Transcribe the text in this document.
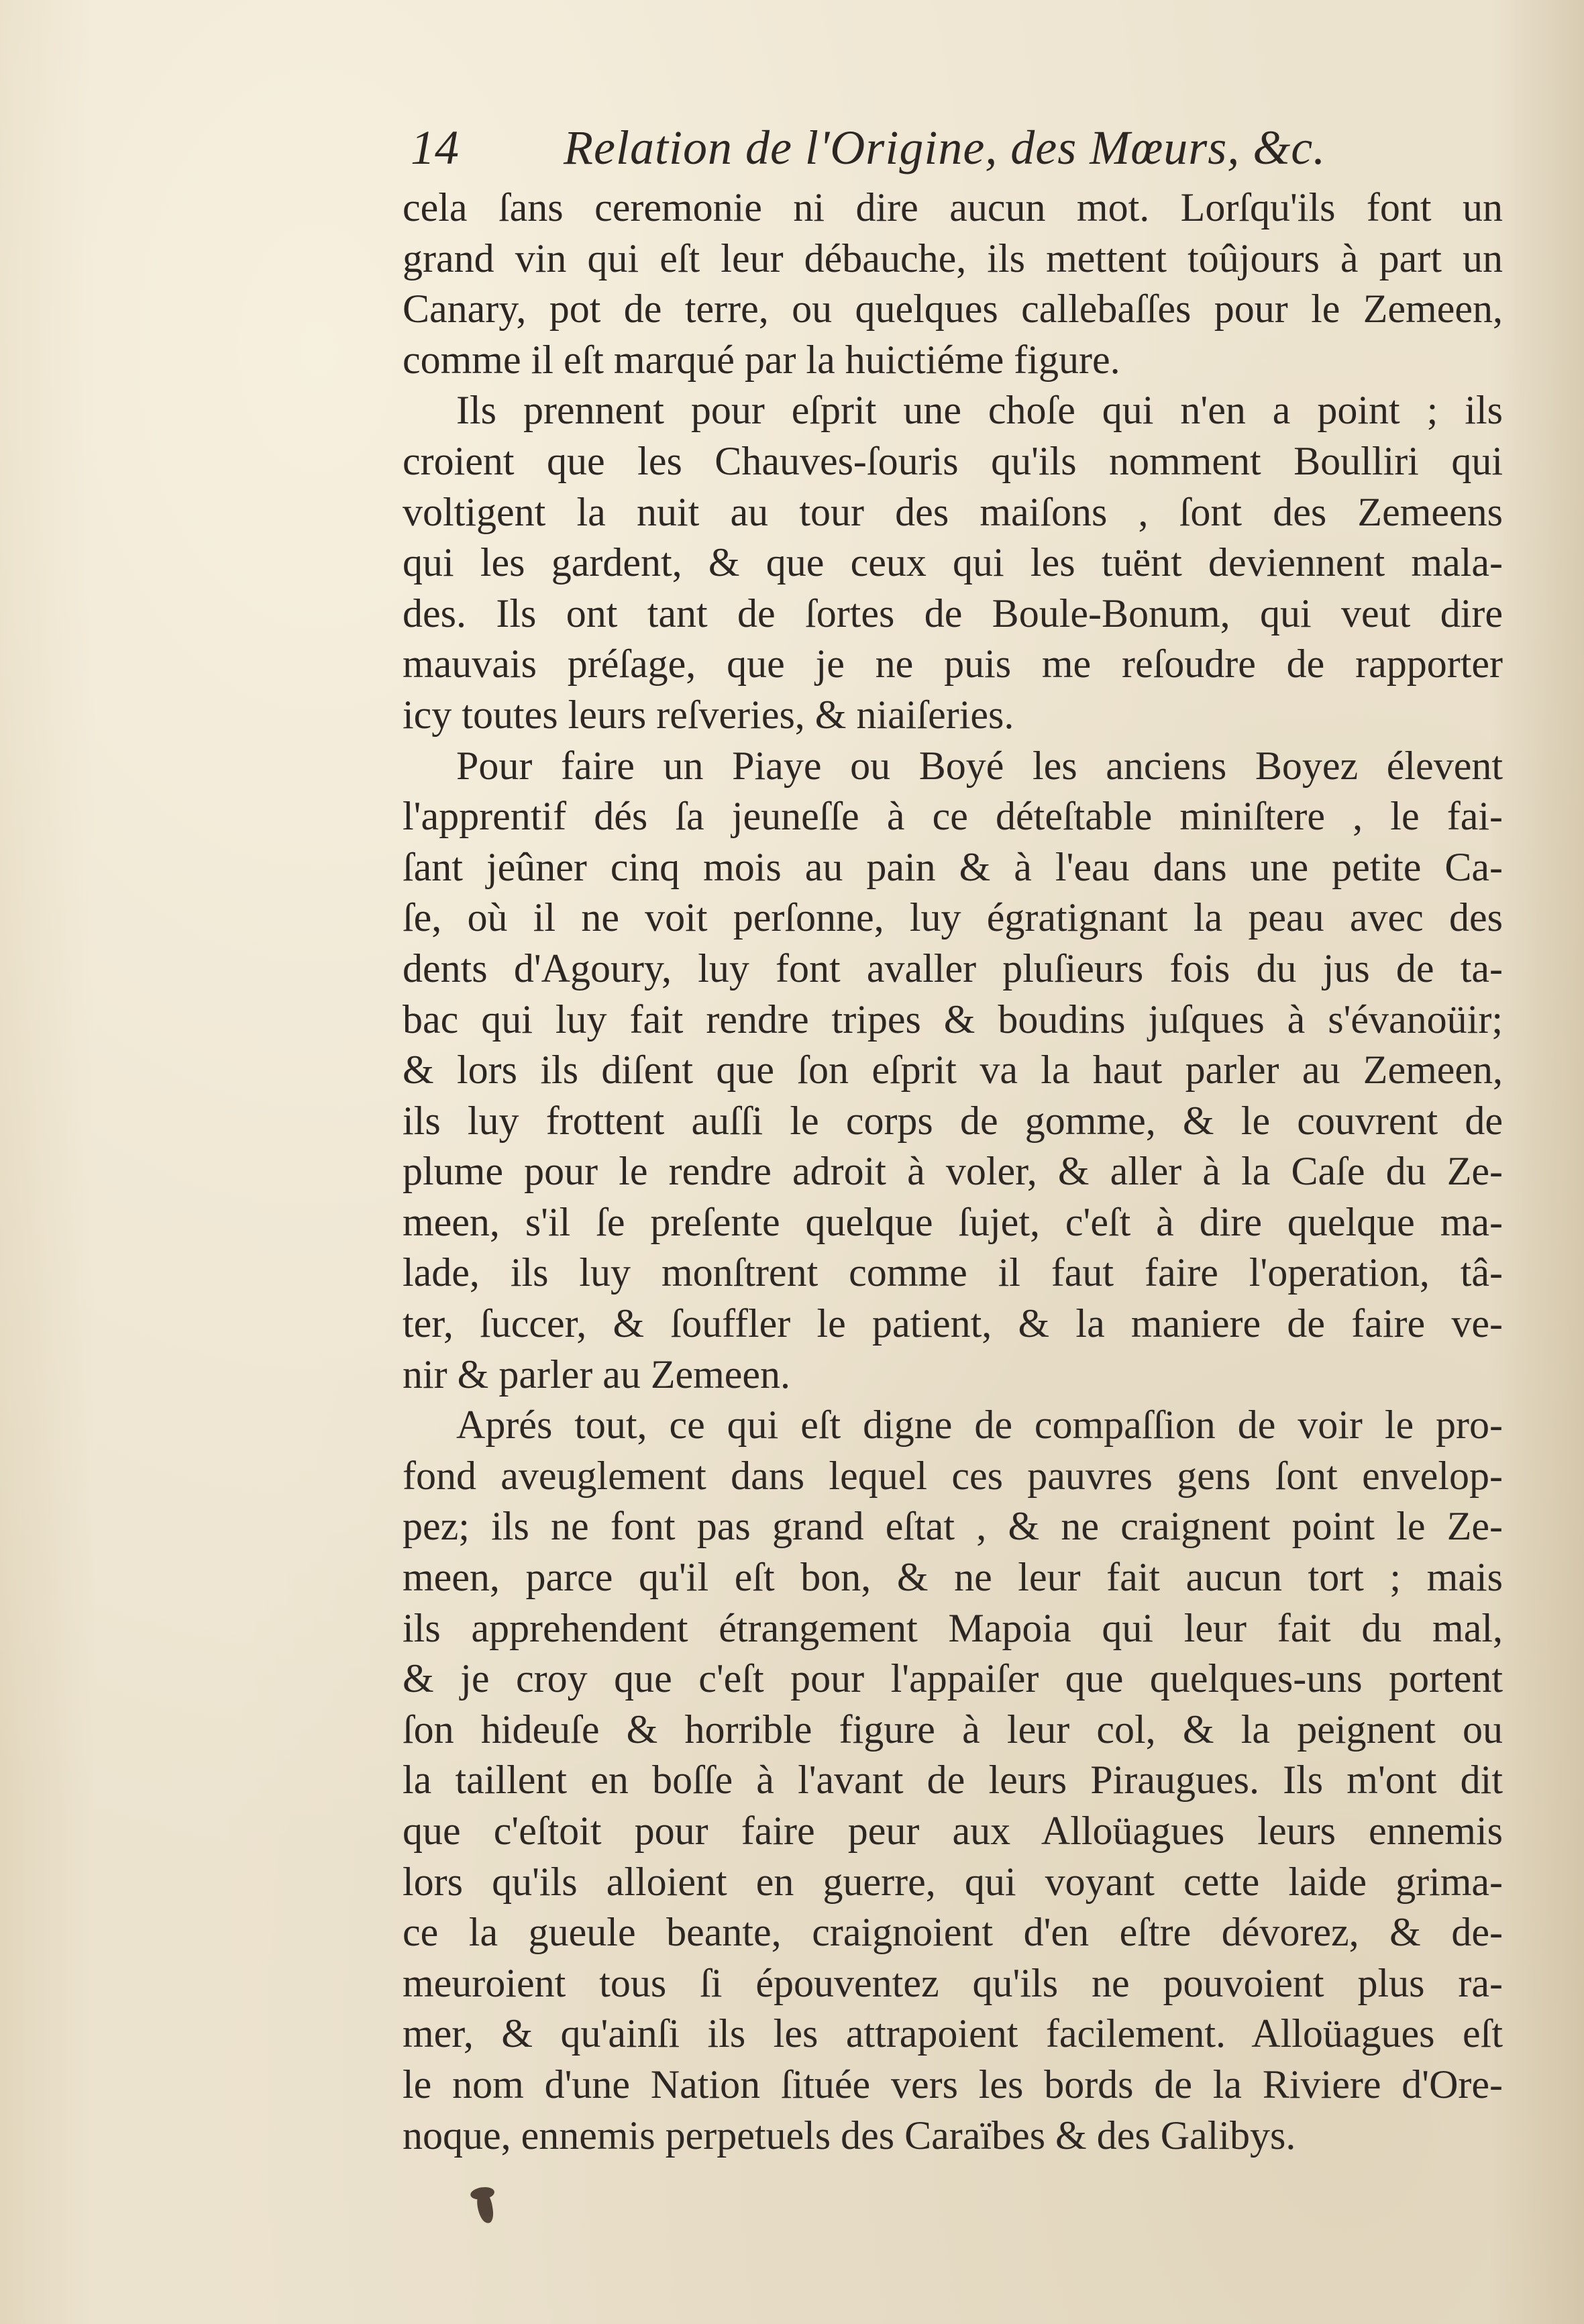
14 Relation de l'Origine, des Mœurs, &c.
cela ſans ceremonie ni dire aucun mot. Lorſqu'ils font un
grand vin qui eſt leur débauche, ils mettent toûjours à part un
Canary, pot de terre, ou quelques callebaſſes pour le Zemeen,
comme il eſt marqué par la huictiéme figure.
Ils prennent pour eſprit une choſe qui n'en a point ; ils
croient que les Chauves-ſouris qu'ils nomment Boulliri qui
voltigent la nuit au tour des maiſons , ſont des Zemeens
qui les gardent, & que ceux qui les tuënt deviennent mala-
des. Ils ont tant de ſortes de Boule-Bonum, qui veut dire
mauvais préſage, que je ne puis me reſoudre de rapporter
icy toutes leurs reſveries, & niaiſeries.
Pour faire un Piaye ou Boyé les anciens Boyez élevent
l'apprentif dés ſa jeuneſſe à ce déteſtable miniſtere , le fai-
ſant jeûner cinq mois au pain & à l'eau dans une petite Ca-
ſe, où il ne voit perſonne, luy égratignant la peau avec des
dents d'Agoury, luy font avaller pluſieurs fois du jus de ta-
bac qui luy fait rendre tripes & boudins juſques à s'évanoüir;
& lors ils diſent que ſon eſprit va la haut parler au Zemeen,
ils luy frottent auſſi le corps de gomme, & le couvrent de
plume pour le rendre adroit à voler, & aller à la Caſe du Ze-
meen, s'il ſe preſente quelque ſujet, c'eſt à dire quelque ma-
lade, ils luy monſtrent comme il faut faire l'operation, tâ-
ter, ſuccer, & ſouffler le patient, & la maniere de faire ve-
nir & parler au Zemeen.
Aprés tout, ce qui eſt digne de compaſſion de voir le pro-
fond aveuglement dans lequel ces pauvres gens ſont envelop-
pez; ils ne font pas grand eſtat , & ne craignent point le Ze-
meen, parce qu'il eſt bon, & ne leur fait aucun tort ; mais
ils apprehendent étrangement Mapoia qui leur fait du mal,
& je croy que c'eſt pour l'appaiſer que quelques-uns portent
ſon hideuſe & horrible figure à leur col, & la peignent ou
la taillent en boſſe à l'avant de leurs Piraugues. Ils m'ont dit
que c'eſtoit pour faire peur aux Alloüagues leurs ennemis
lors qu'ils alloient en guerre, qui voyant cette laide grima-
ce la gueule beante, craignoient d'en eſtre dévorez, & de-
meuroient tous ſi épouventez qu'ils ne pouvoient plus ra-
mer, & qu'ainſi ils les attrapoient facilement. Alloüagues eſt
le nom d'une Nation ſituée vers les bords de la Riviere d'Ore-
noque, ennemis perpetuels des Caraïbes & des Galibys.
